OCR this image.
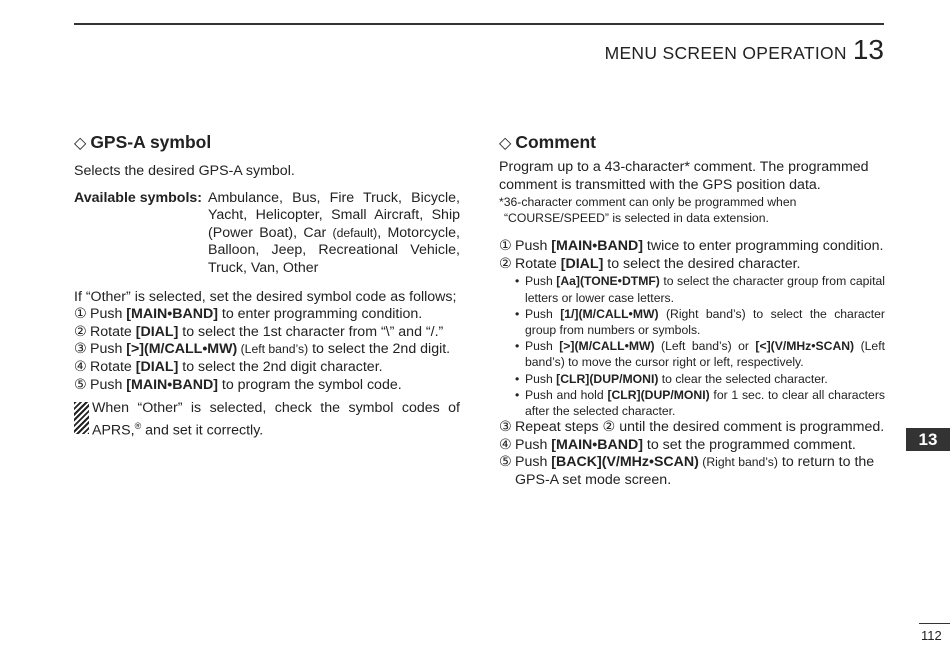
MENU SCREEN OPERATION 13
◇ GPS-A symbol

Selects the desired GPS-A symbol.

Available symbols: Ambulance, Bus, Fire Truck, Bicycle, Yacht, Helicopter, Small Aircraft, Ship (Power Boat), Car (default), Motorcycle, Balloon, Jeep, Recreational Vehicle, Truck, Van, Other

If “Other” is selected, set the desired symbol code as follows;

① Push [MAIN•BAND] to enter programming condition.
② Rotate [DIAL] to select the 1st character from “\” and “/.”
③ Push [>](M/CALL•MW) (Left band’s) to select the 2nd digit.
④ Rotate [DIAL] to select the 2nd digit character.
⑤ Push [MAIN•BAND] to program the symbol code.
When “Other” is selected, check the symbol codes of APRS,® and set it correctly.
◇ Comment

Program up to a 43-character* comment. The programmed comment is transmitted with the GPS position data.

*36-character comment can only be programmed when
“COURSE/SPEED” is selected in data extension.
① Push [MAIN•BAND] twice to enter programming condition.
② Rotate [DIAL] to select the desired character.
• Push [Aa](TONE•DTMF) to select the character group from capital letters or lower case letters.
• Push [1/](M/CALL•MW) (Right band’s) to select the character group from numbers or symbols.
• Push [>](M/CALL•MW) (Left band’s) or [<](V/MHz•SCAN) (Left band’s) to move the cursor right or left, respectively.
• Push [CLR](DUP/MONI) to clear the selected character.
• Push and hold [CLR](DUP/MONI) for 1 sec. to clear all characters after the selected character.
③ Repeat steps ② until the desired comment is programmed.
④ Push [MAIN•BAND] to set the programmed comment.
⑤ Push [BACK](V/MHz•SCAN) (Right band’s) to return to the GPS-A set mode screen.
13
112
